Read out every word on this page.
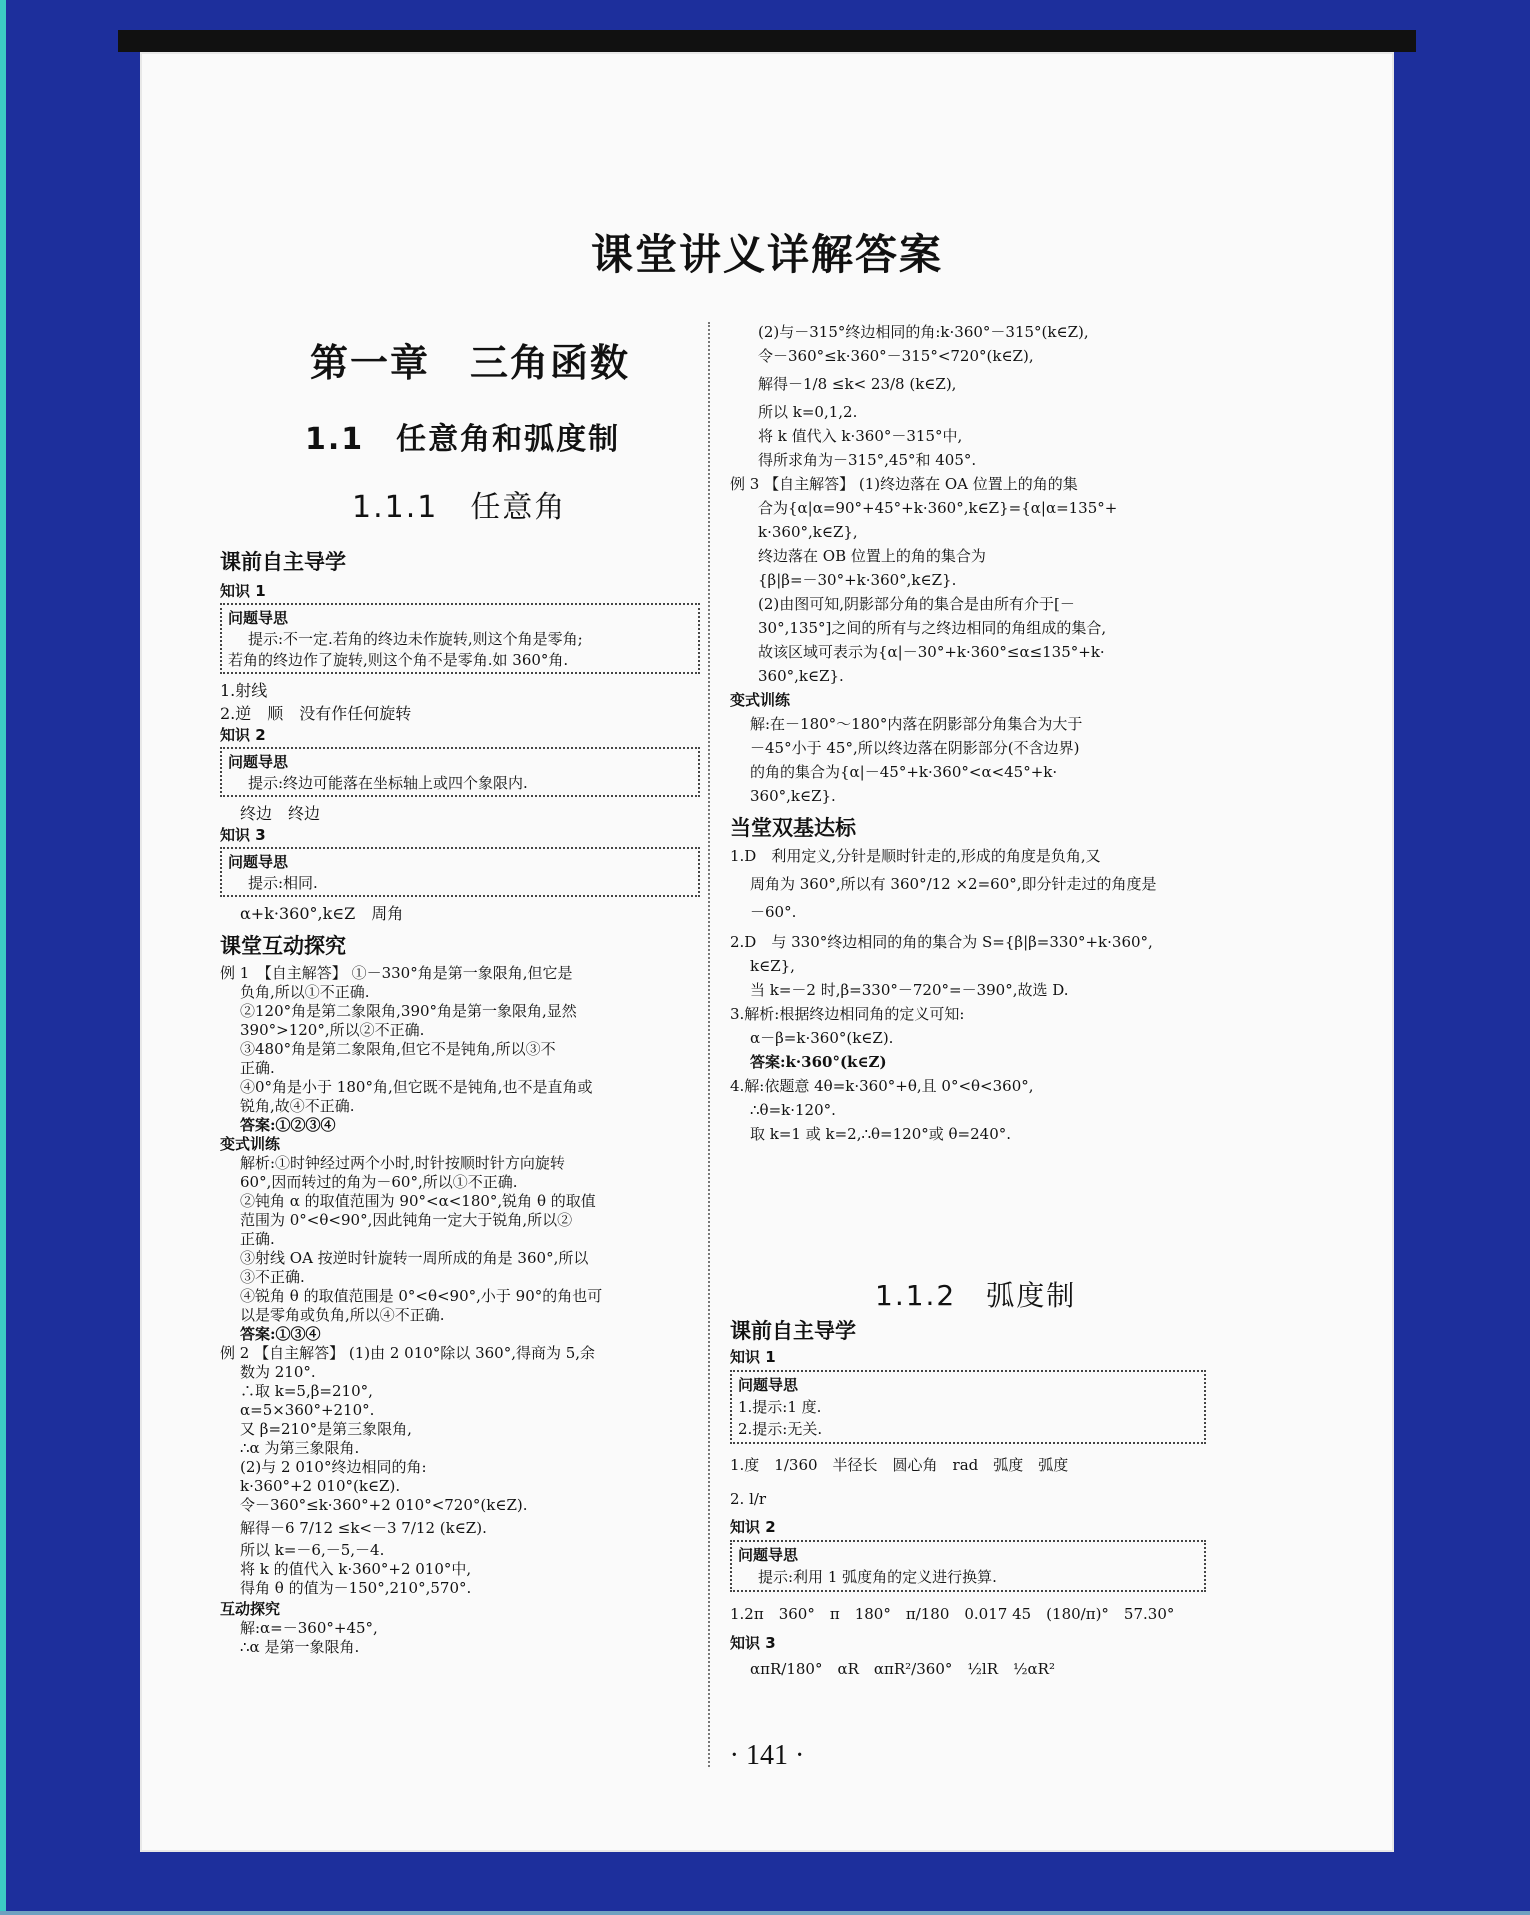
课堂讲义详解答案
第一章　三角函数
1.1　任意角和弧度制
1.1.1　任意角
课前自主导学
知识 1
问题导思
提示:不一定.若角的终边未作旋转,则这个角是零角;
若角的终边作了旋转,则这个角不是零角.如 360°角.
1.射线
2.逆　顺　没有作任何旋转
知识 2
问题导思
提示:终边可能落在坐标轴上或四个象限内.
终边　终边
知识 3
问题导思
提示:相同.
α+k·360°,k∈Z　周角
课堂互动探究
例 1　【自主解答】 ①－330°角是第一象限角,但它是
负角,所以①不正确.
②120°角是第二象限角,390°角是第一象限角,显然
390°>120°,所以②不正确.
③480°角是第二象限角,但它不是钝角,所以③不
正确.
④0°角是小于 180°角,但它既不是钝角,也不是直角或
锐角,故④不正确.
答案:①②③④
变式训练
解析:①时钟经过两个小时,时针按顺时针方向旋转
60°,因而转过的角为－60°,所以①不正确.
②钝角 α 的取值范围为 90°<α<180°,锐角 θ 的取值
范围为 0°<θ<90°,因此钝角一定大于锐角,所以②
正确.
③射线 OA 按逆时针旋转一周所成的角是 360°,所以
③不正确.
④锐角 θ 的取值范围是 0°<θ<90°,小于 90°的角也可
以是零角或负角,所以④不正确.
答案:①③④
例 2 【自主解答】 (1)由 2 010°除以 360°,得商为 5,余
数为 210°.
∴取 k=5,β=210°,
α=5×360°+210°.
又 β=210°是第三象限角,
∴α 为第三象限角.
(2)与 2 010°终边相同的角:
k·360°+2 010°(k∈Z).
令－360°≤k·360°+2 010°<720°(k∈Z).
解得－6 7/12 ≤k<－3 7/12 (k∈Z).
所以 k=－6,－5,－4.
将 k 的值代入 k·360°+2 010°中,
得角 θ 的值为－150°,210°,570°.
互动探究
解:α=－360°+45°,
∴α 是第一象限角.
(2)与－315°终边相同的角:k·360°－315°(k∈Z),
令－360°≤k·360°－315°<720°(k∈Z),
解得－1/8 ≤k< 23/8 (k∈Z),
所以 k=0,1,2.
将 k 值代入 k·360°－315°中,
得所求角为－315°,45°和 405°.
例 3 【自主解答】 (1)终边落在 OA 位置上的角的集
合为{α|α=90°+45°+k·360°,k∈Z}={α|α=135°+
k·360°,k∈Z},
终边落在 OB 位置上的角的集合为
{β|β=－30°+k·360°,k∈Z}.
(2)由图可知,阴影部分角的集合是由所有介于[－
30°,135°]之间的所有与之终边相同的角组成的集合,
故该区域可表示为{α|－30°+k·360°≤α≤135°+k·
360°,k∈Z}.
变式训练
解:在－180°～180°内落在阴影部分角集合为大于
－45°小于 45°,所以终边落在阴影部分(不含边界)
的角的集合为{α|－45°+k·360°<α<45°+k·
360°,k∈Z}.
当堂双基达标
1.D　利用定义,分针是顺时针走的,形成的角度是负角,又
周角为 360°,所以有 360°/12 ×2=60°,即分针走过的角度是
－60°.
2.D　与 330°终边相同的角的集合为 S={β|β=330°+k·360°,
k∈Z},
当 k=－2 时,β=330°－720°=－390°,故选 D.
3.解析:根据终边相同角的定义可知:
α－β=k·360°(k∈Z).
答案:k·360°(k∈Z)
4.解:依题意 4θ=k·360°+θ,且 0°<θ<360°,
∴θ=k·120°.
取 k=1 或 k=2,∴θ=120°或 θ=240°.
1.1.2　弧度制
课前自主导学
知识 1
问题导思
1.提示:1 度.
2.提示:无关.
1.度　1/360　半径长　圆心角　rad　弧度　弧度
2. l/r
知识 2
问题导思
提示:利用 1 弧度角的定义进行换算.
1.2π　360°　π　180°　π/180　0.017 45　(180/π)°　57.30°
知识 3
απR/180°　αR　απR²/360°　½lR　½αR²
· 141 ·
